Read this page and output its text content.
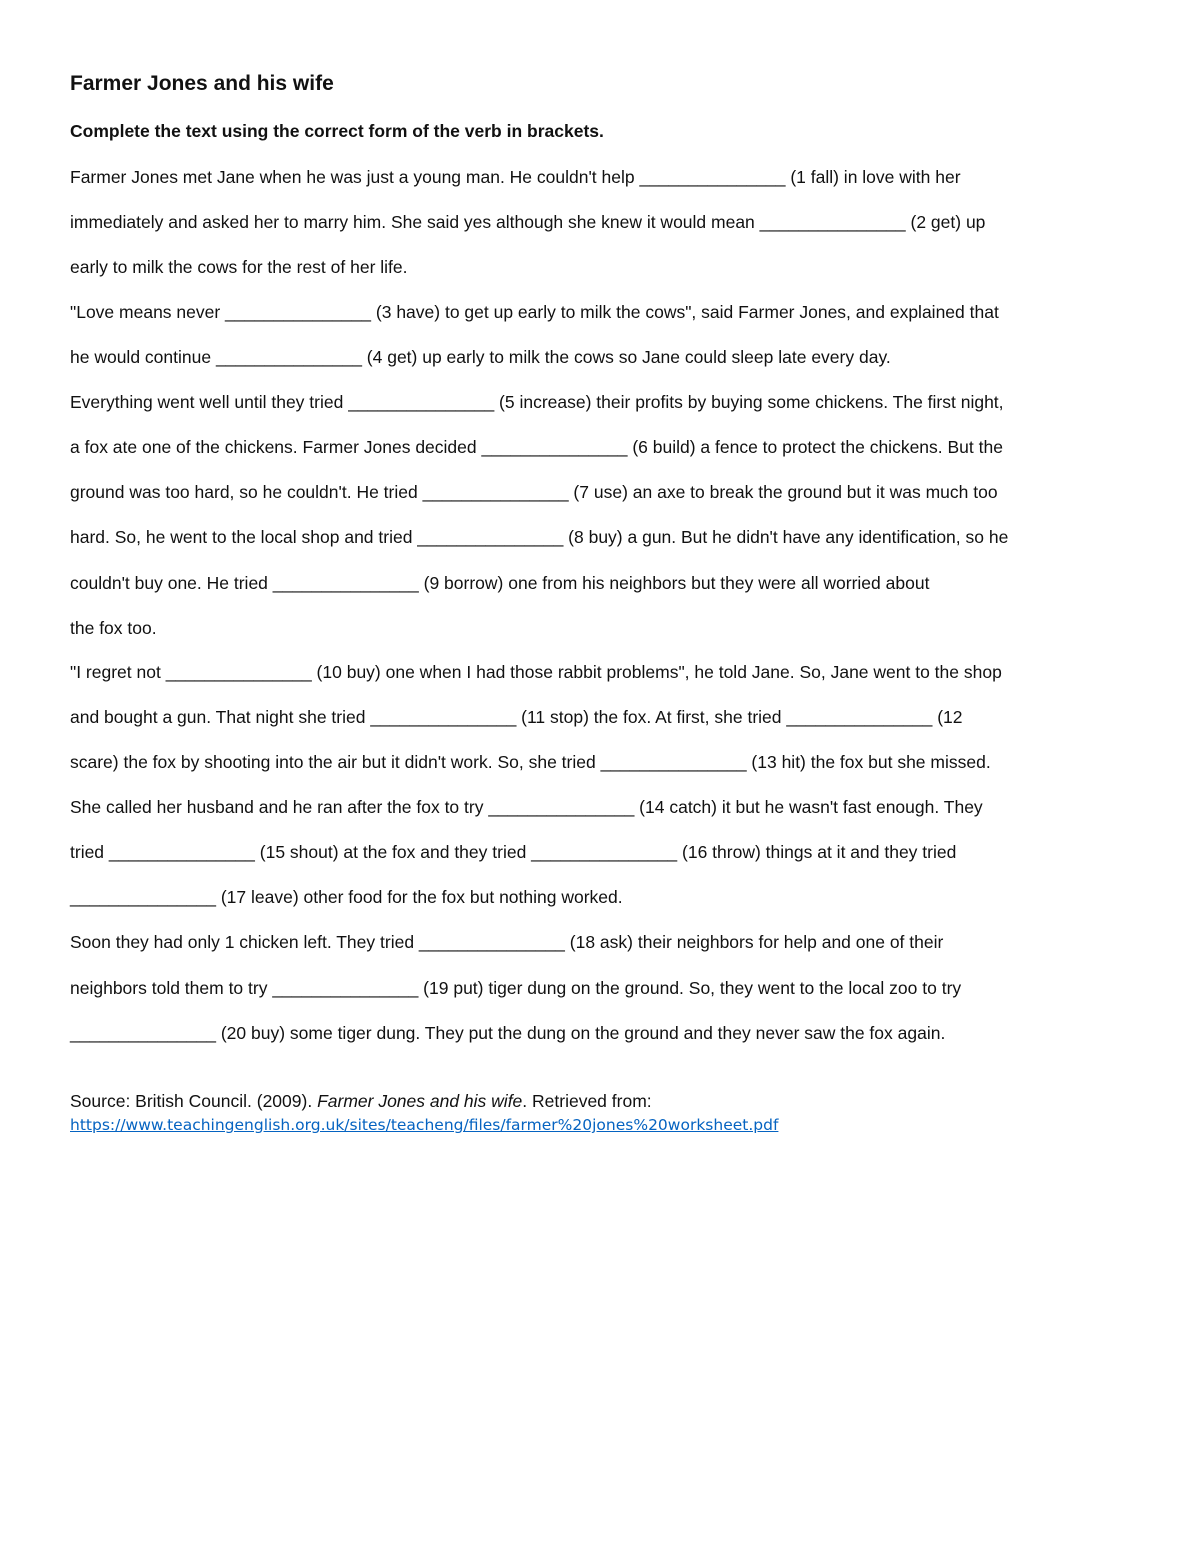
Farmer Jones and his wife
Complete the text using the correct form of the verb in brackets.
Farmer Jones met Jane when he was just a young man. He couldn't help _______________ (1 fall) in love with her
immediately and asked her to marry him. She said yes although she knew it would mean _______________ (2 get) up
early to milk the cows for the rest of her life.
"Love means never _______________ (3 have) to get up early to milk the cows", said Farmer Jones, and explained that
he would continue _______________ (4 get) up early to milk the cows so Jane could sleep late every day.
Everything went well until they tried _______________ (5 increase) their profits by buying some chickens. The first night,
a fox ate one of the chickens. Farmer Jones decided _______________ (6 build) a fence to protect the chickens. But the
ground was too hard, so he couldn't. He tried _______________ (7 use) an axe to break the ground but it was much too
hard. So, he went to the local shop and tried _______________ (8 buy) a gun. But he didn't have any identification, so he
couldn't buy one. He tried _______________ (9 borrow) one from his neighbors but they were all worried about
the fox too.
"I regret not _______________ (10 buy) one when I had those rabbit problems", he told Jane. So, Jane went to the shop
and bought a gun. That night she tried _______________ (11 stop) the fox. At first, she tried _______________ (12
scare) the fox by shooting into the air but it didn't work. So, she tried _______________ (13 hit) the fox but she missed.
She called her husband and he ran after the fox to try _______________ (14 catch) it but he wasn't fast enough. They
tried _______________ (15 shout) at the fox and they tried _______________ (16 throw) things at it and they tried
_______________ (17 leave) other food for the fox but nothing worked.
Soon they had only 1 chicken left. They tried _______________ (18 ask) their neighbors for help and one of their
neighbors told them to try _______________ (19 put) tiger dung on the ground. So, they went to the local zoo to try
_______________ (20 buy) some tiger dung. They put the dung on the ground and they never saw the fox again.
Source: British Council. (2009). Farmer Jones and his wife. Retrieved from:
https://www.teachingenglish.org.uk/sites/teacheng/files/farmer%20jones%20worksheet.pdf
